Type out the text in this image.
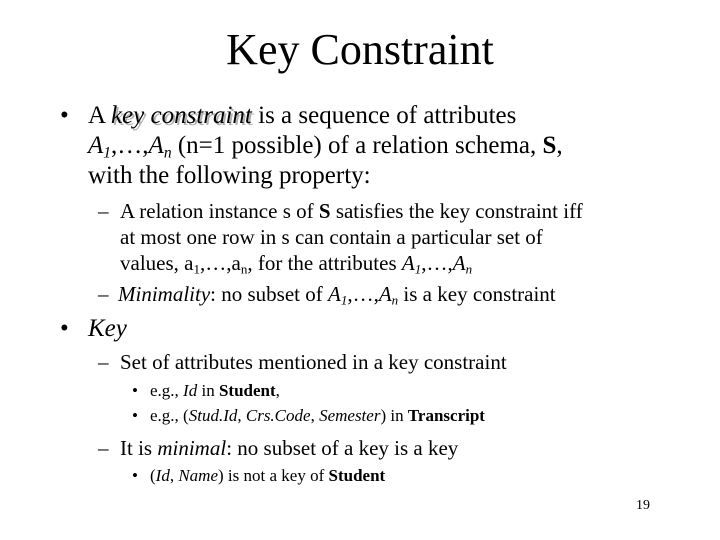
Key Constraint
• A key constraint is a sequence of attributes
$A_1,\dots,A_n$ (n=1 possible) of a relation schema, S,
with the following property:
– A relation instance s of S satisfies the key constraint iff
at most one row in s can contain a particular set of
values, $a_1,\dots,a_n$, for the attributes $A_1,\dots,A_n$
– Minimality: no subset of $A_1,\dots,A_n$ is a key constraint
• Key
– Set of attributes mentioned in a key constraint
• e.g., Id in Student,
• e.g., (Stud.Id, Crs.Code, Semester) in Transcript
– It is minimal: no subset of a key is a key
• (Id, Name) is not a key of Student
19
